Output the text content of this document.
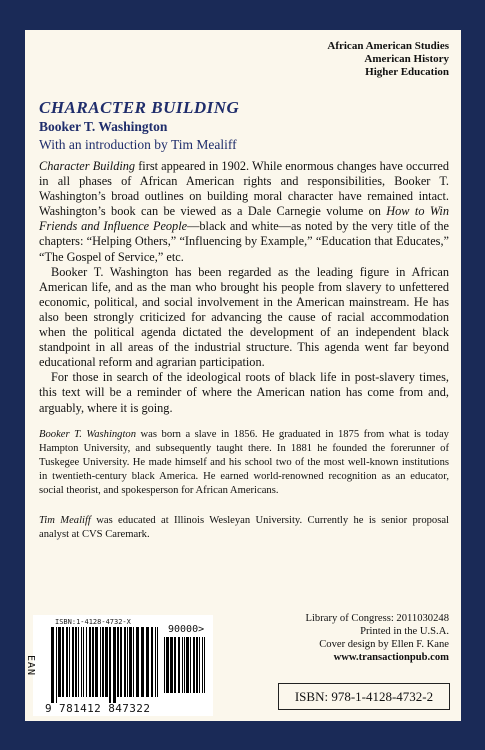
African American Studies
American History
Higher Education
CHARACTER BUILDING
Booker T. Washington
With an introduction by Tim Mealiff

Character Building first appeared in 1902. While enormous changes have occurred in all phases of African American rights and responsibilities, Booker T. Washington’s broad outlines on building moral character have remained intact. Washington’s book can be viewed as a Dale Carnegie volume on How to Win Friends and Influence People—black and white—as noted by the very title of the chapters: “Helping Others,” “Influencing by Example,” “Education that Educates,” “The Gospel of Service,” etc.

Booker T. Washington has been regarded as the leading figure in African American life, and as the man who brought his people from slavery to unfettered economic, political, and social involvement in the American mainstream. He has also been strongly criticized for advancing the cause of racial accommodation when the political agenda dictated the development of an independent black standpoint in all areas of the industrial structure. This agenda went far beyond educational reform and agrarian participation.

For those in search of the ideological roots of black life in post-slavery times, this text will be a reminder of where the American nation has come from and, arguably, where it is going.

Booker T. Washington was born a slave in 1856. He graduated in 1875 from what is today Hampton University, and subsequently taught there. In 1881 he founded the forerunner of Tuskegee University. He made himself and his school two of the most well-known institutions in twentieth-century black America. He earned world-renowned recognition as an educator, social theorist, and spokesperson for African Americans.

Tim Mealiff was educated at Illinois Wesleyan University. Currently he is senior proposal analyst at CVS Caremark.

ISBN:1-4128-4732-X
EAN
90000>
9 781412 847322
Library of Congress: 2011030248
Printed in the U.S.A.
Cover design by Ellen F. Kane
www.transactionpub.com
ISBN: 978-1-4128-4732-2
